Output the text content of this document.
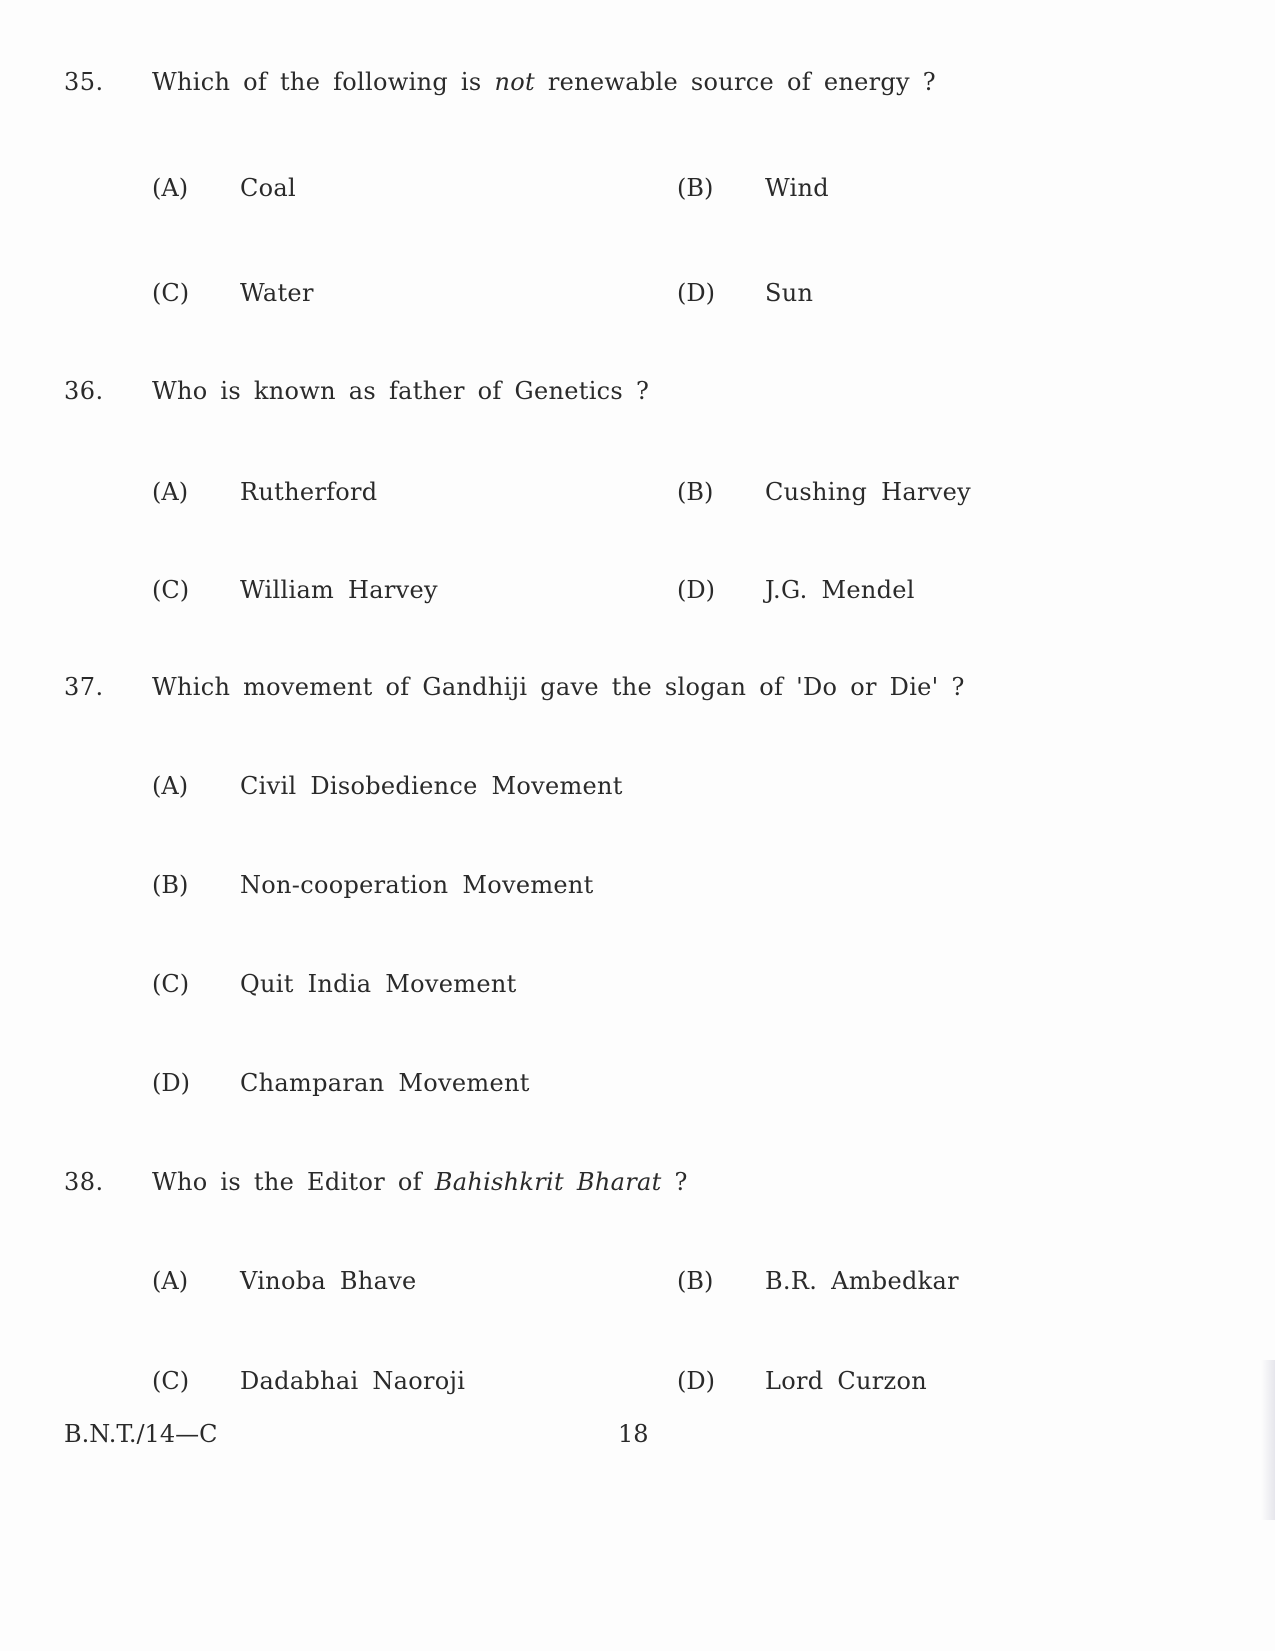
35. Which of the following is not renewable source of energy ?
(A) Coal	(B) Wind
(C) Water	(D) Sun
36. Who is known as father of Genetics ?
(A) Rutherford	(B) Cushing Harvey
(C) William Harvey	(D) J.G. Mendel
37. Which movement of Gandhiji gave the slogan of 'Do or Die' ?
(A) Civil Disobedience Movement
(B) Non-cooperation Movement
(C) Quit India Movement
(D) Champaran Movement
38. Who is the Editor of Bahishkrit Bharat ?
(A) Vinoba Bhave	(B) B.R. Ambedkar
(C) Dadabhai Naoroji	(D) Lord Curzon
B.N.T./14—C	18
